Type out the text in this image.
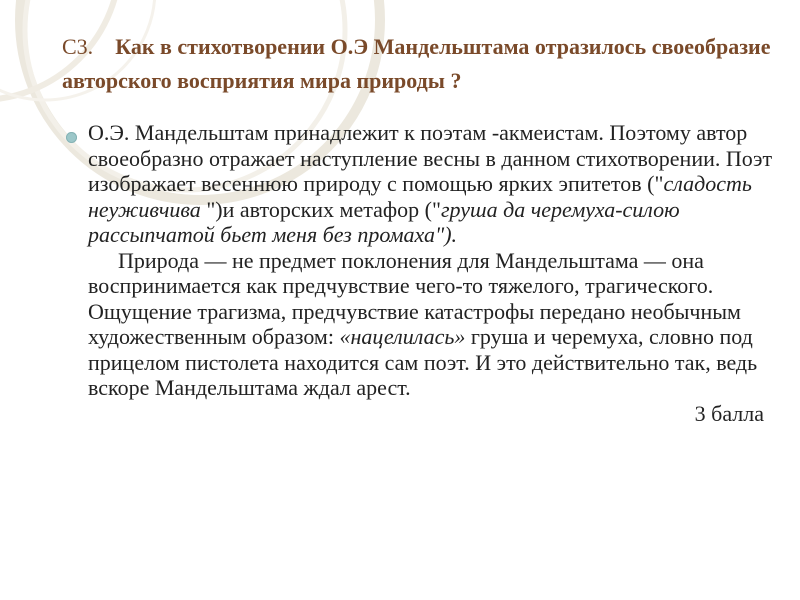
С3. Как в стихотворении О.Э Мандельштама отразилось своеобразие авторского восприятия мира природы ?

О.Э. Мандельштам принадлежит к поэтам -акмеистам. Поэтому автор своеобразно отражает наступление весны в данном стихотворении. Поэт изображает весеннюю природу с помощью ярких эпитетов ("сладость неуживчива ")и авторских метафор ("груша да черемуха-силою рассыпчатой бьет меня без промаха").

Природа — не предмет поклонения для Мандельштама — она воспринимается как предчувствие чего-то тяжелого, трагического. Ощущение трагизма, предчувствие катастрофы передано необычным художественным образом: «нацелилась» груша и черемуха, словно под прицелом пистолета находится сам поэт. И это действительно так, ведь вскоре Мандельштама ждал арест.

3 балла
